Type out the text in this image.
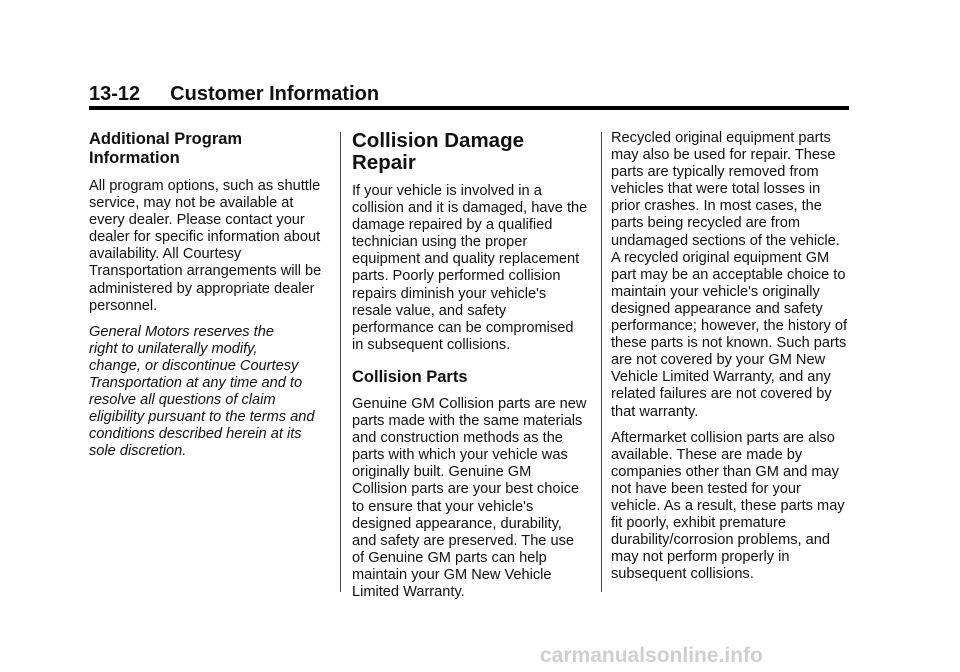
13-12 Customer Information
Additional Program
Information

All program options, such as shuttle
service, may not be available at
every dealer. Please contact your
dealer for specific information about
availability. All Courtesy
Transportation arrangements will be
administered by appropriate dealer
personnel.

General Motors reserves the
right to unilaterally modify,
change, or discontinue Courtesy
Transportation at any time and to
resolve all questions of claim
eligibility pursuant to the terms and
conditions described herein at its
sole discretion.

Collision Damage Repair

If your vehicle is involved in a
collision and it is damaged, have the
damage repaired by a qualified
technician using the proper
equipment and quality replacement
parts. Poorly performed collision
repairs diminish your vehicle's
resale value, and safety
performance can be compromised
in subsequent collisions.

Collision Parts

Genuine GM Collision parts are new
parts made with the same materials
and construction methods as the
parts with which your vehicle was
originally built. Genuine GM
Collision parts are your best choice
to ensure that your vehicle's
designed appearance, durability,
and safety are preserved. The use
of Genuine GM parts can help
maintain your GM New Vehicle
Limited Warranty.

Recycled original equipment parts
may also be used for repair. These
parts are typically removed from
vehicles that were total losses in
prior crashes. In most cases, the
parts being recycled are from
undamaged sections of the vehicle.
A recycled original equipment GM
part may be an acceptable choice to
maintain your vehicle's originally
designed appearance and safety
performance; however, the history of
these parts is not known. Such parts
are not covered by your GM New
Vehicle Limited Warranty, and any
related failures are not covered by
that warranty.

Aftermarket collision parts are also
available. These are made by
companies other than GM and may
not have been tested for your
vehicle. As a result, these parts may
fit poorly, exhibit premature
durability/corrosion problems, and
may not perform properly in
subsequent collisions.

carmanualsonline.info
